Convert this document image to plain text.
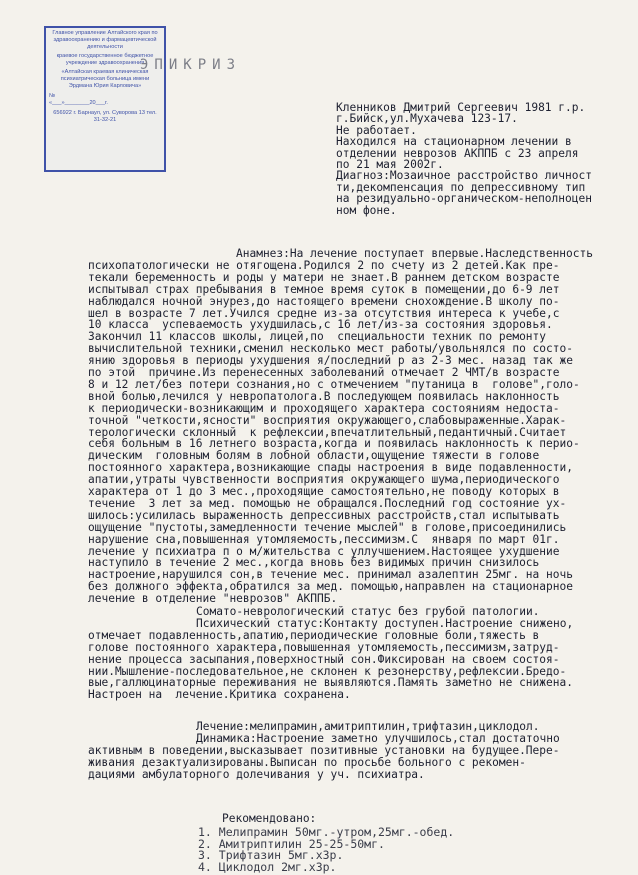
Главное управление Алтайского края по здравоохранению и фармацевтической деятельности
краевое государственное бюджетное учреждение здравоохранения
«Алтайская краевая клиническая психиатрическая больница имени Эрдмана Юрия Карловича»
№
«___»________20___г.
656922 г. Барнаул, ул. Суворова 13 тел. 31-32-21
ЭПИКРИЗ
Кленников Дмитрий Сергеевич 1981 г.р.
г.Бийск,ул.Мухачева 123-17.
Не работает.
Находился на стационарном лечении в
отделении неврозов АКППБ с 23 апреля
по 21 мая 2002г.
Диагноз:Мозаичное расстройство личност
ти,декомпенсация по депрессивному тип
на резидуально-органическом-неполноцен
ном фоне.
Анамнез:На лечение поступает впервые.Наследственность
психопатологически не отягощена.Родился 2 по счету из 2 детей.Как пре-
текали беременность и роды у матери не знает.В раннем детском возрасте
испытывал страх пребывания в темное время суток в помещении,до 6-9 лет
наблюдался ночной энурез,до настоящего времени снохождение.В школу по-
шел в возрасте 7 лет.Учился средне из-за отсутствия интереса к учебе,с
10 класса  успеваемость ухудшилась,с 16 лет/из-за состояния здоровья.
Закончил 11 классов школы, лицей,по  специальности техник по ремонту
вычислительной техники,сменил несколько мест работы/увольнялся по состо-
янию здоровья в периоды ухудшения я/последний р аз 2-3 мес. назад так же
по этой  причине.Из перенесенных заболеваний отмечает 2 ЧМТ/в возрасте
8 и 12 лет/без потери сознания,но с отмечением "путаница в  голове",голо-
вной болью,лечился у невропатолога.В последующем появилась наклонность
к периодически-возникающим и проходящего характера состояниям недоста-
точной "четкости,ясности" восприятия окружающего,слабовыраженные.Харак-
терологически склонный  к рефлексии,впечатлительный,педантичный.Считает
себя больным в 16 летнего возраста,когда и появилась наклонность к перио-
дическим  головным болям в лобной области,ощущение тяжести в голове
постоянного характера,возникающие спады настроения в виде подавленности,
апатии,утраты чувственности восприятия окружающего шума,периодического
характера от 1 до 3 мес.,проходящие самостоятельно,не поводу которых в
течение  3 лет за мед. помощью не обращался.Последний год состояние ух-
шилось:усилилась выраженность депрессивных расстройств,стал испытывать
ощущение "пустоты,замедленности течение мыслей" в голове,присоединились
нарушение сна,повышенная утомляемость,пессимизм.С  января по март 01г.
лечение у психиатра п о м/жительства с уллучшением.Настоящее ухудшение
наступило в течение 2 мес.,когда вновь без видимых причин снизилось
настроение,нарушился сон,в течение мес. принимал азалептин 25мг. на ночь
без должного эффекта,обратился за мед. помощью,направлен на стационарное
лечение в отделение "неврозов" АКППБ.
Сомато-неврологический статус без грубой патологии.
Психический статус:Контакту доступен.Настроение снижено,
отмечает подавленность,апатию,периодические головные боли,тяжесть в
голове постоянного характера,повышенная утомляемость,пессимизм,затруд-
нение процесса засыпания,поверхностный сон.Фиксирован на своем состоя-
нии.Мышление-последовательное,не склонен к резонерству,рефлексии.Бредо-
вые,галлюцинаторные переживания не выявляются.Память заметно не снижена.
Настроен на  лечение.Критика сохранена.
Лечение:мелипрамин,амитриптилин,трифтазин,циклодол.
Динамика:Настроение заметно улучшилось,стал достаточно
активным в поведении,высказывает позитивные установки на будущее.Пере-
живания дезактуализированы.Выписан по просьбе больного с рекомен-
дациями амбулаторного долечивания у уч. психиатра.
Рекомендовано:
1. Мелипрамин 50мг.-утром,25мг.-обед.
2. Амитриптилин 25-25-50мг.
3. Трифтазин 5мг.х3р.
4. Циклодол 2мг.х3р.
